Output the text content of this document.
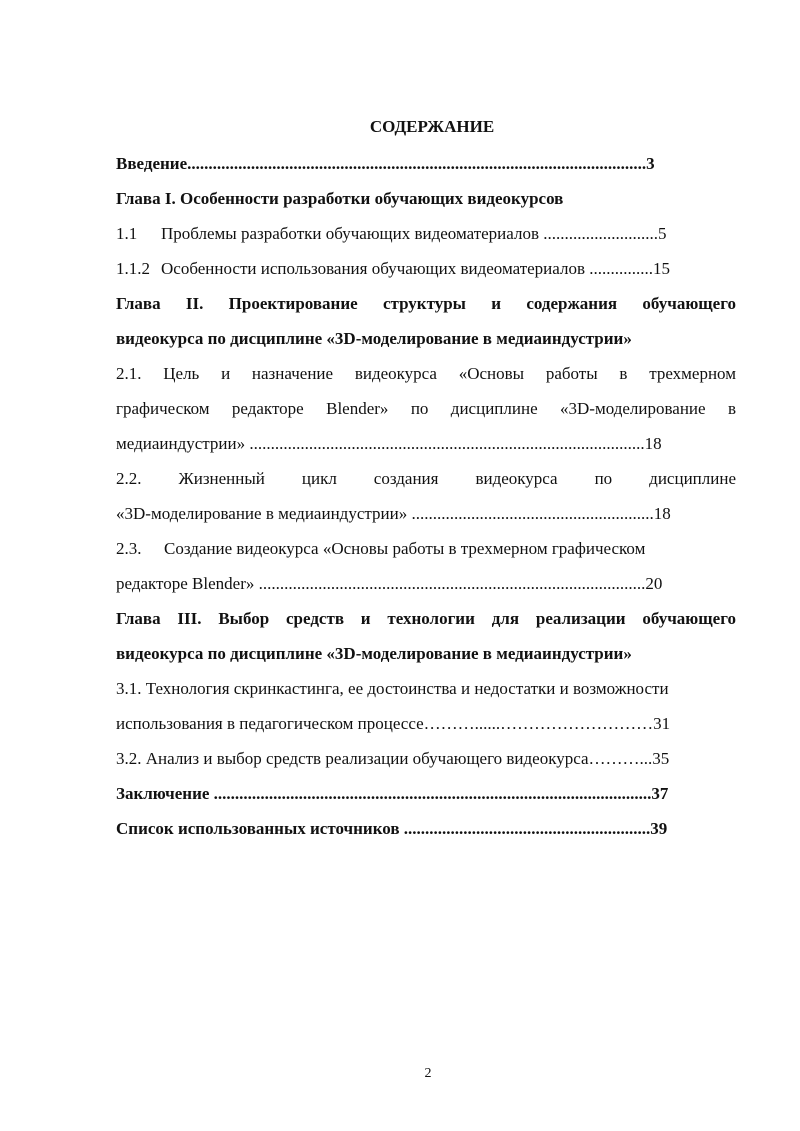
СОДЕРЖАНИЕ
Введение............................................................................................................3
Глава I. Особенности разработки обучающих видеокурсов
1.1 Проблемы разработки обучающих видеоматериалов ...........................5
1.1.2 Особенности использования обучающих видеоматериалов ...............15
Глава II. Проектирование структуры и содержания обучающего
видеокурса по дисциплине «3D-моделирование в медиаиндустрии»
2.1. Цель и назначение видеокурса «Основы работы в трехмерном
графическом редакторе Blender» по дисциплине «3D-моделирование в
медиаиндустрии» .............................................................................................18
2.2. Жизненный цикл создания видеокурса по дисциплине
«3D-моделирование в медиаиндустрии» .........................................................18
2.3. Создание видеокурса «Основы работы в трехмерном графическом
редакторе Blender» ...........................................................................................20
Глава III. Выбор средств и технологии для реализации обучающего
видеокурса по дисциплине «3D-моделирование в медиаиндустрии»
3.1. Технология скринкастинга, ее достоинства и недостатки и возможности
использования в педагогическом процессе………......………………………31
3.2. Анализ и выбор средств реализации обучающего видеокурса………...35
Заключение .......................................................................................................37
Список использованных источников ..........................................................39
2
